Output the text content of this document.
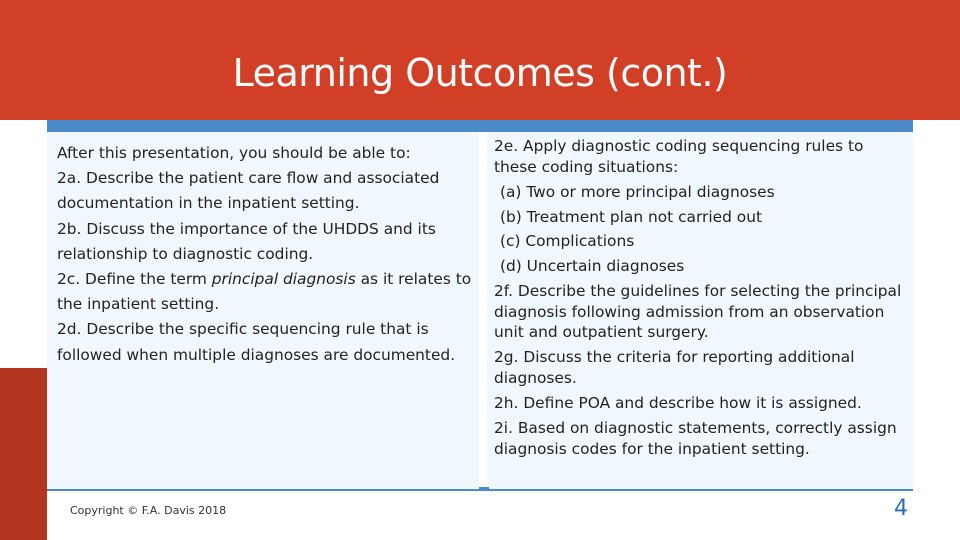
Learning Outcomes (cont.)

After this presentation, you should be able to:

2a. Describe the patient care flow and associated documentation in the inpatient setting.

2b. Discuss the importance of the UHDDS and its relationship to diagnostic coding.

2c. Define the term principal diagnosis as it relates to the inpatient setting.

2d. Describe the specific sequencing rule that is followed when multiple diagnoses are documented.

2e. Apply diagnostic coding sequencing rules to these coding situations:

(a) Two or more principal diagnoses

(b) Treatment plan not carried out

(c) Complications

(d) Uncertain diagnoses

2f. Describe the guidelines for selecting the principal diagnosis following admission from an observation unit and outpatient surgery.

2g. Discuss the criteria for reporting additional diagnoses.

2h. Define POA and describe how it is assigned.

2i. Based on diagnostic statements, correctly assign diagnosis codes for the inpatient setting.

Copyright © F.A. Davis 2018	4
